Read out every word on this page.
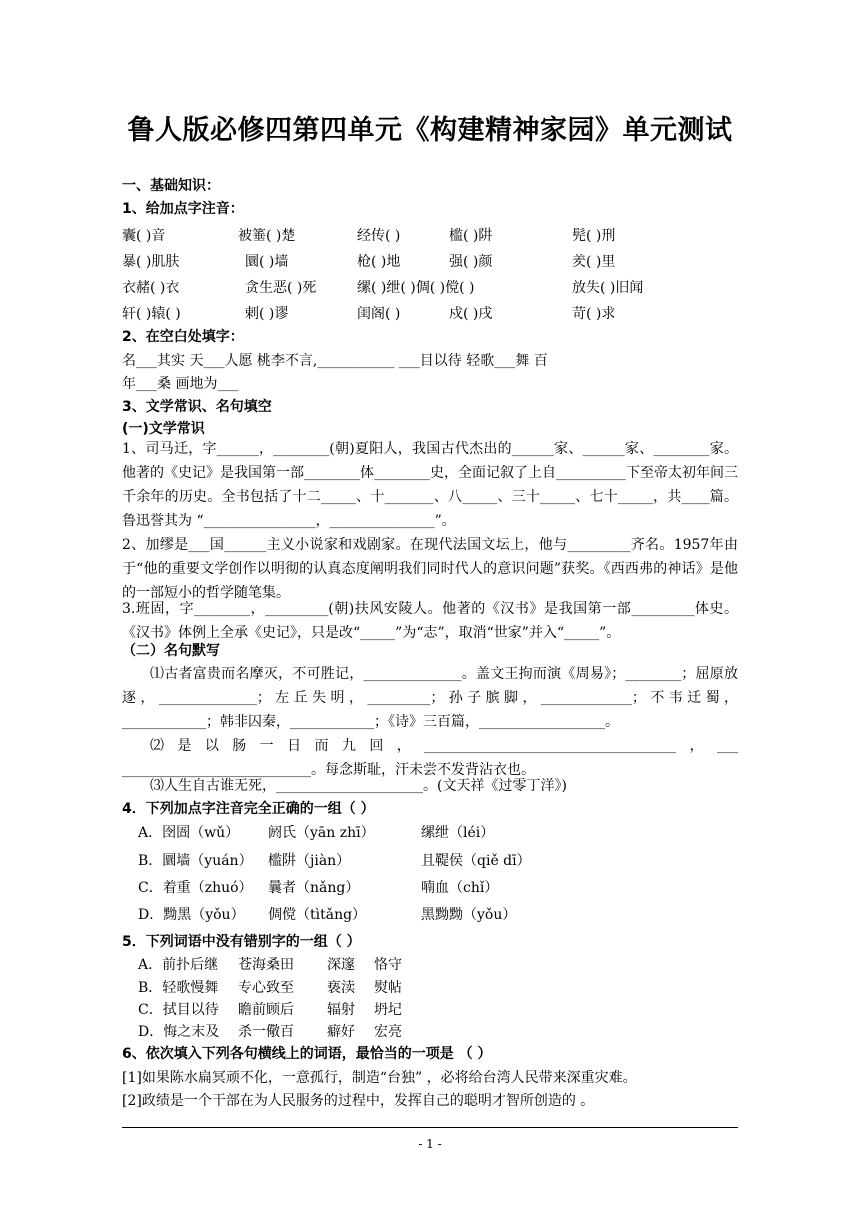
鲁人版必修四第四单元《构建精神家园》单元测试
一、基础知识：
1、给加点字注音：
囊( )音	被箠( )楚	经传( )	槛( )阱	髡( )刑
暴( )肌肤	圜( )墙	枪( )地	强( )颜	羑( )里
衣赭( )衣	贪生恶( )死	缧( )绁( )倜( )傥( )	放失( )旧闻
轩( )辕( )	剌( )谬	闺阁( )	戍( )戌	苛( )求
2、在空白处填字：
名___其实 天___人愿 桃李不言,___________ ___目以待 轻歌___舞 百
年___桑 画地为___
3、文学常识、名句填空
(一)文学常识
1、司马迁，字______，________(朝)夏阳人，我国古代杰出的______家、______家、________家。他著的《史记》是我国第一部________体________史，全面记叙了上自__________下至帝太初年间三千余年的历史。全书包括了十二_____、十_______、八_____、三十_____、七十_____，共____篇。鲁迅誉其为 “________________，_______________”。
2、加缪是___国______主义小说家和戏剧家。在现代法国文坛上，他与_________齐名。1957年由于“他的重要文学创作以明彻的认真态度阐明我们同时代人的意识问题”获奖。《西西弗的神话》是他的一部短小的哲学随笔集。
3.班固，字________，_________(朝)扶风安陵人。他著的《汉书》是我国第一部_________体史。《汉书》体例上全承《史记》，只是改“_____”为“志”，取消“世家”并入“_____”。
（二）名句默写
⑴古者富贵而名摩灭，不可胜记，______________。盖文王拘而演《周易》；________；屈原放逐，______________；左丘失明，_________；孙子膑脚，_____________；不韦迁蜀，____________；韩非囚秦，____________；《诗》三百篇，__________________。
⑵是以肠一日而九回，____________________________________，___ ___________________________。每念斯耻，汗未尝不发背沾衣也。
⑶人生自古谁无死，_____________________。(文天祥《过零丁洋》)
4．下列加点字注音完全正确的一组（ ）
A．囹圄（wǔ） 阏氏（yān zhī）	缧绁（léi）
B．圜墙（yuán） 槛阱（jiàn）	且鞮侯（qiě dī）
C．着重（zhuó） 曩者（nǎng）	喃血（chǐ）
D．黝黑（yǒu） 倜傥（tìtǎng）	黑黝黝（yǒu）
5．下列词语中没有错别字的一组（ ）
A．前扑后继 苍海桑田 深邃 恪守
B．轻歌慢舞 专心致至 亵渎 熨帖
C．拭目以待 瞻前顾后 辐射 坍圮
D．悔之末及 杀一儆百 癖好 宏亮
6、依次填入下列各句横线上的词语，最恰当的一项是 （ ）
[1]如果陈水扁冥顽不化，一意孤行，制造“台独” ，必将给台湾人民带来深重灾难。
[2]政绩是一个干部在为人民服务的过程中，发挥自己的聪明才智所创造的 。
- 1 -
